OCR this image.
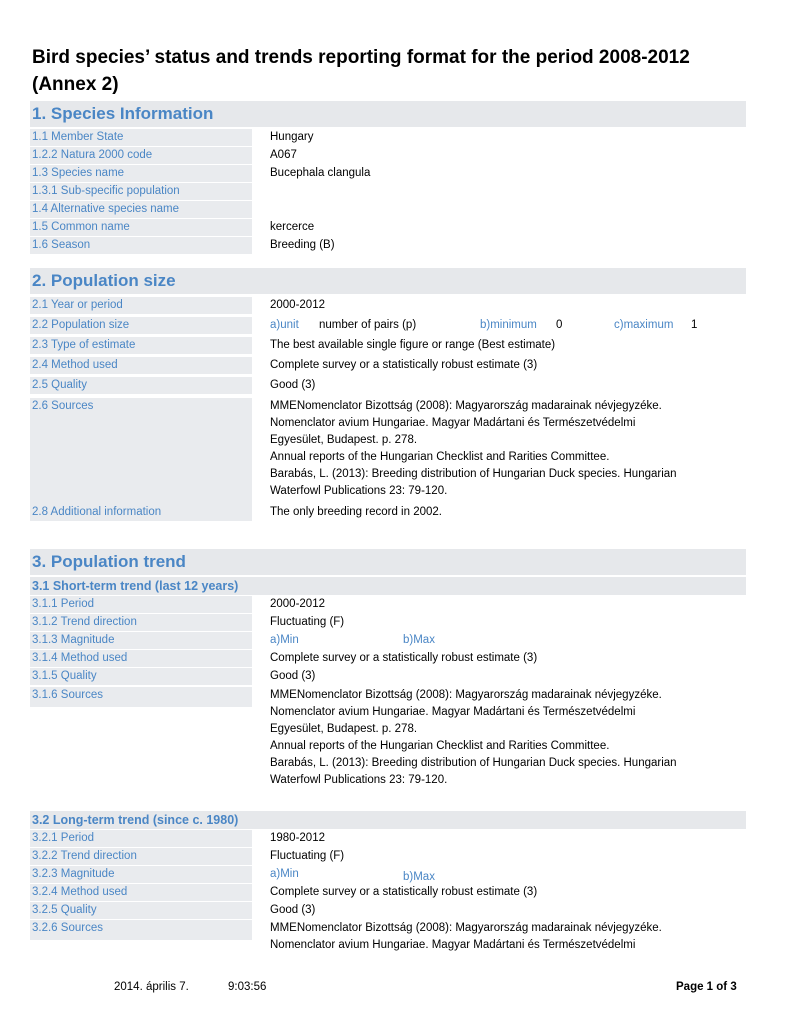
Bird species’ status and trends reporting format for the period 2008-2012
(Annex 2)
1. Species Information
1.1 Member State	Hungary
1.2.2 Natura 2000 code	A067
1.3 Species name	Bucephala clangula
1.3.1 Sub-specific population
1.4 Alternative species name
1.5 Common name	kercerce
1.6 Season	Breeding (B)
2. Population size
2.1 Year or period	2000-2012
2.2 Population size	a)unit number of pairs (p)	b)minimum 0	c)maximum 1
2.3 Type of estimate	The best available single figure or range (Best estimate)
2.4 Method used	Complete survey or a statistically robust estimate (3)
2.5 Quality	Good (3)
2.6 Sources	MMENomenclator Bizottság (2008): Magyarország madarainak névjegyzéke.
Nomenclator avium Hungariae. Magyar Madártani és Természetvédelmi
Egyesület, Budapest. p. 278.
Annual reports of the Hungarian Checklist and Rarities Committee.
Barabás, L. (2013): Breeding distribution of Hungarian Duck species. Hungarian
Waterfowl Publications 23: 79-120.
2.8 Additional information	The only breeding record in 2002.
3. Population trend
3.1 Short-term trend (last 12 years)
3.1.1 Period	2000-2012
3.1.2 Trend direction	Fluctuating (F)
3.1.3 Magnitude	a)Min	b)Max
3.1.4 Method used	Complete survey or a statistically robust estimate (3)
3.1.5 Quality	Good (3)
3.1.6 Sources	MMENomenclator Bizottság (2008): Magyarország madarainak névjegyzéke.
Nomenclator avium Hungariae. Magyar Madártani és Természetvédelmi
Egyesület, Budapest. p. 278.
Annual reports of the Hungarian Checklist and Rarities Committee.
Barabás, L. (2013): Breeding distribution of Hungarian Duck species. Hungarian
Waterfowl Publications 23: 79-120.
3.2 Long-term trend (since c. 1980)
3.2.1 Period	1980-2012
3.2.2 Trend direction	Fluctuating (F)
3.2.3 Magnitude	a)Min	b)Max
3.2.4 Method used	Complete survey or a statistically robust estimate (3)
3.2.5 Quality	Good (3)
3.2.6 Sources	MMENomenclator Bizottság (2008): Magyarország madarainak névjegyzéke.
Nomenclator avium Hungariae. Magyar Madártani és Természetvédelmi
2014. április 7.	9:03:56	Page 1 of 3
